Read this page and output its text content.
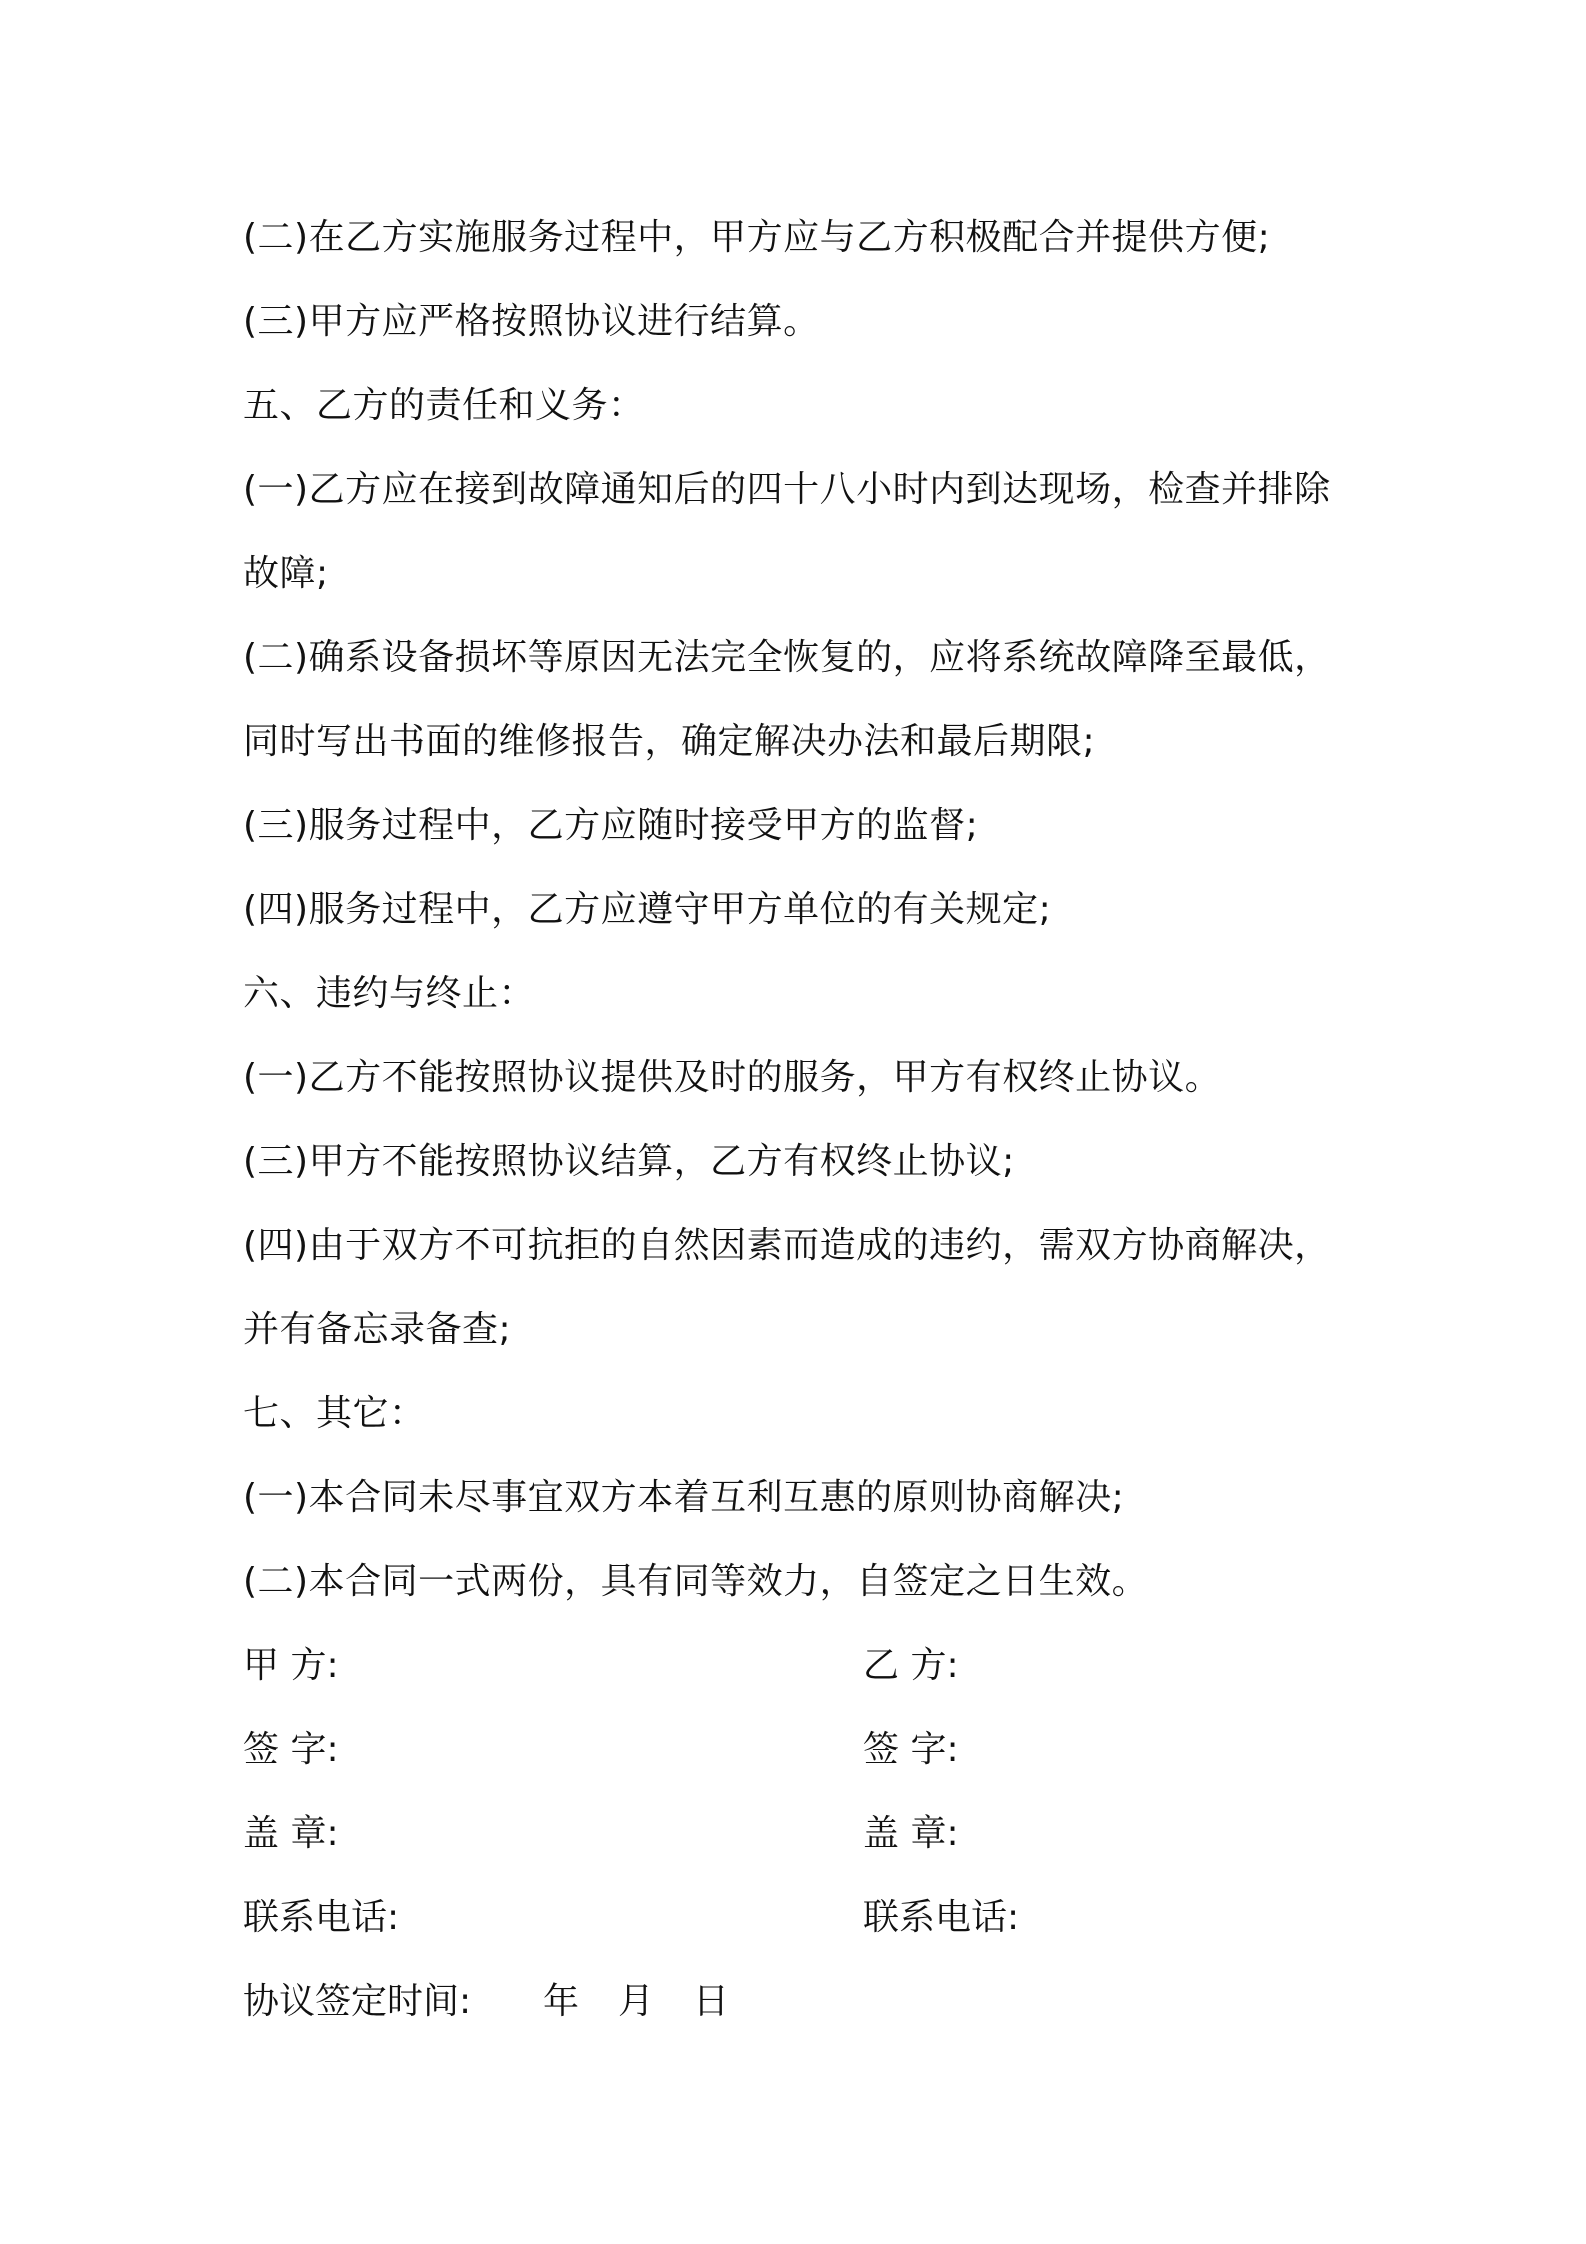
(二)在乙方实施服务过程中，甲方应与乙方积极配合并提供方便;
(三)甲方应严格按照协议进行结算。
五、乙方的责任和义务：
(一)乙方应在接到故障通知后的四十八小时内到达现场，检查并排除
故障;
(二)确系设备损坏等原因无法完全恢复的，应将系统故障降至最低，
同时写出书面的维修报告，确定解决办法和最后期限;
(三)服务过程中，乙方应随时接受甲方的监督;
(四)服务过程中，乙方应遵守甲方单位的有关规定;
六、违约与终止：
(一)乙方不能按照协议提供及时的服务，甲方有权终止协议。
(三)甲方不能按照协议结算，乙方有权终止协议;
(四)由于双方不可抗拒的自然因素而造成的违约，需双方协商解决，
并有备忘录备查;
七、其它：
(一)本合同未尽事宜双方本着互利互惠的原则协商解决;
(二)本合同一式两份，具有同等效力，自签定之日生效。
甲 方:	乙 方:
签 字:	签 字:
盖 章:	盖 章:
联系电话:	联系电话:
协议签定时间: 年 月 日
